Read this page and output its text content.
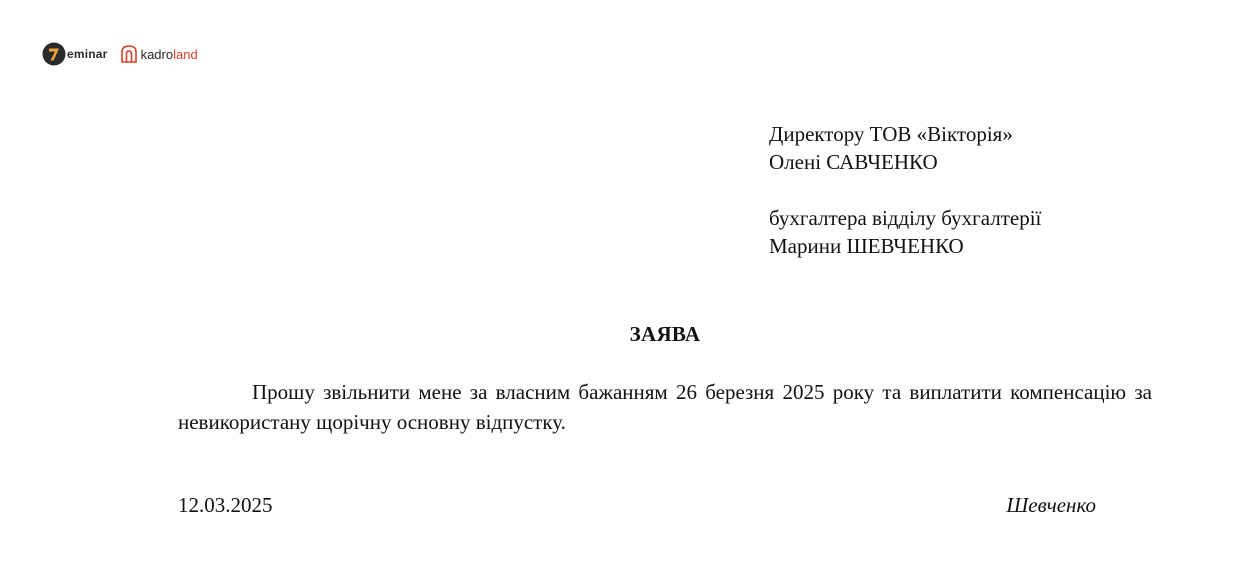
eminar	kadroland
Директору ТОВ «Вікторія»
Олені САВЧЕНКО
бухгалтера відділу бухгалтерії
Марини ШЕВЧЕНКО
ЗАЯВА
Прошу звільнити мене за власним бажанням 26 березня 2025 року та виплатити компенсацію за невикористану щорічну основну відпустку.
12.03.2025	Шевченко
